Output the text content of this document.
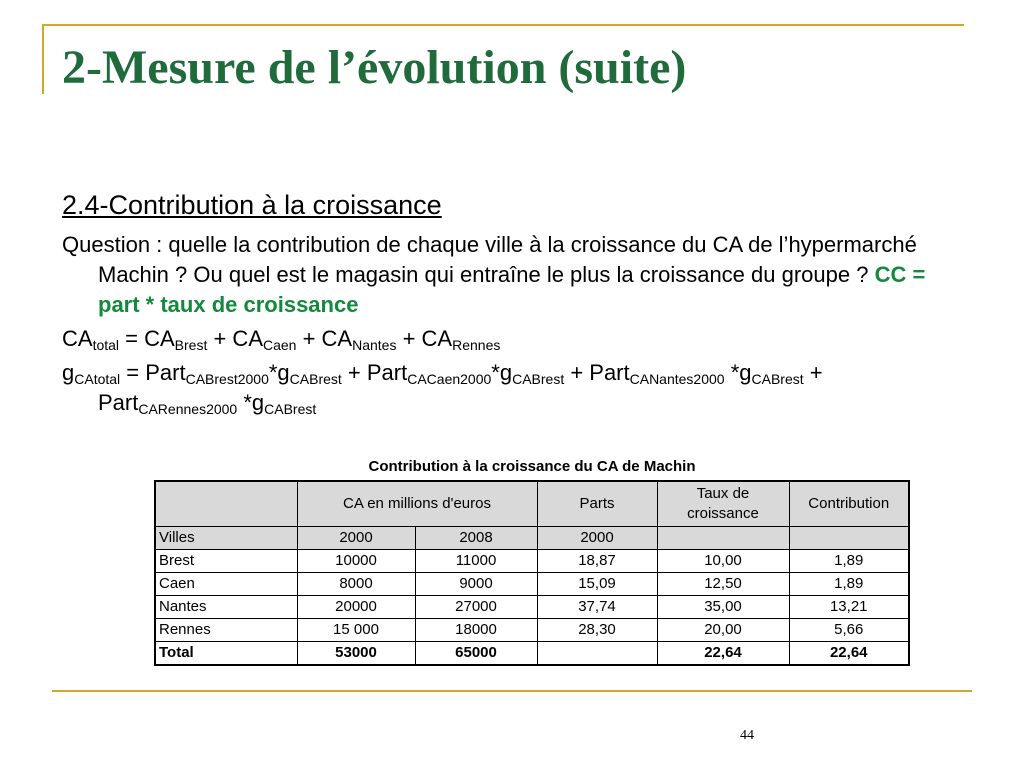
2-Mesure de l’évolution (suite)
2.4-Contribution à la croissance
Question : quelle la contribution de chaque ville à la croissance du CA de l’hypermarché Machin ? Ou quel est le magasin qui entraîne le plus la croissance du groupe ? CC = part * taux de croissance
$CA_{total} = CA_{Brest} + CA_{Caen} + CA_{Nantes} + CA_{Rennes}$
$g_{CAtotal}$ = $Part_{CABrest2000}*g_{CABrest}$ + $Part_{CACaen2000}*g_{CABrest}$ + Part$_{CANantes2000}$ $*g_{CABrest}$ + Part$_{CARennes2000}$ $*g_{CABrest}$
Contribution à la croissance du CA de Machin
	CA en millions d'euros		Parts	Taux de croissance	Contribution
Villes	2000	2008	2000		
Brest	10000	11000	18,87	10,00	1,89
Caen	8000	9000	15,09	12,50	1,89
Nantes	20000	27000	37,74	35,00	13,21
Rennes	15 000	18000	28,30	20,00	5,66
Total	53000	65000		22,64	22,64
44
